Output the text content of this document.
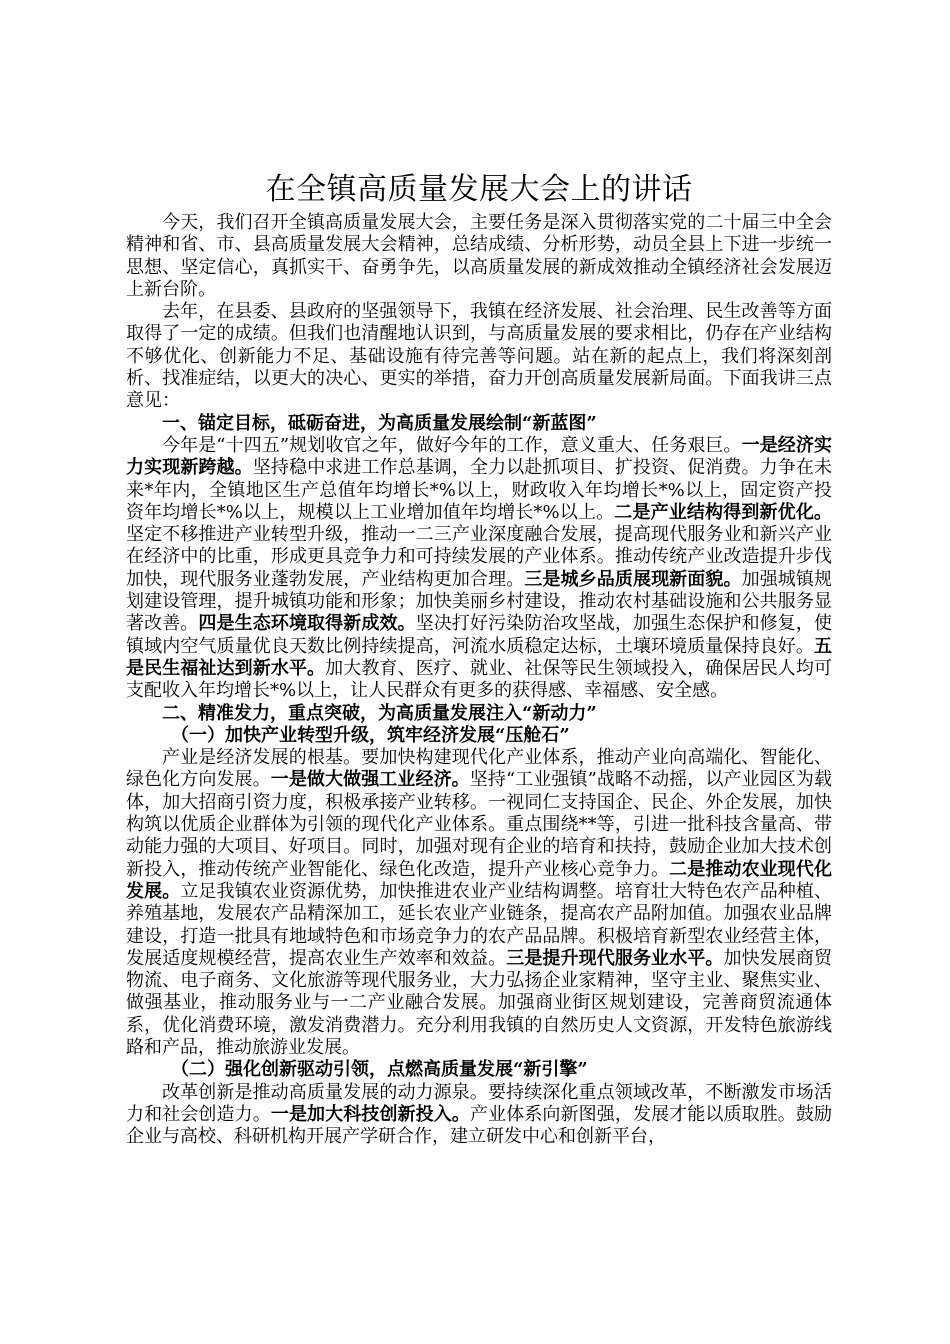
在全镇高质量发展大会上的讲话

今天，我们召开全镇高质量发展大会，主要任务是深入贯彻落实党的二十届三中全会精神和省、市、县高质量发展大会精神，总结成绩、分析形势，动员全县上下进一步统一思想、坚定信心，真抓实干、奋勇争先，以高质量发展的新成效推动全镇经济社会发展迈上新台阶。

去年，在县委、县政府的坚强领导下，我镇在经济发展、社会治理、民生改善等方面取得了一定的成绩。但我们也清醒地认识到，与高质量发展的要求相比，仍存在产业结构不够优化、创新能力不足、基础设施有待完善等问题。站在新的起点上，我们将深刻剖析、找准症结，以更大的决心、更实的举措，奋力开创高质量发展新局面。下面我讲三点意见：

一、锚定目标，砥砺奋进，为高质量发展绘制“新蓝图”

今年是“十四五”规划收官之年，做好今年的工作，意义重大、任务艰巨。一是经济实力实现新跨越。坚持稳中求进工作总基调，全力以赴抓项目、扩投资、促消费。力争在未来*年内，全镇地区生产总值年均增长*%以上，财政收入年均增长*%以上，固定资产投资年均增长*%以上，规模以上工业增加值年均增长*%以上。二是产业结构得到新优化。坚定不移推进产业转型升级，推动一二三产业深度融合发展，提高现代服务业和新兴产业在经济中的比重，形成更具竞争力和可持续发展的产业体系。推动传统产业改造提升步伐加快，现代服务业蓬勃发展，产业结构更加合理。三是城乡品质展现新面貌。加强城镇规划建设管理，提升城镇功能和形象；加快美丽乡村建设，推动农村基础设施和公共服务显著改善。四是生态环境取得新成效。坚决打好污染防治攻坚战，加强生态保护和修复，使镇域内空气质量优良天数比例持续提高，河流水质稳定达标，土壤环境质量保持良好。五是民生福祉达到新水平。加大教育、医疗、就业、社保等民生领域投入，确保居民人均可支配收入年均增长*%以上，让人民群众有更多的获得感、幸福感、安全感。

二、精准发力，重点突破，为高质量发展注入“新动力”

（一）加快产业转型升级，筑牢经济发展“压舱石”

产业是经济发展的根基。要加快构建现代化产业体系，推动产业向高端化、智能化、绿色化方向发展。一是做大做强工业经济。坚持“工业强镇”战略不动摇，以产业园区为载体，加大招商引资力度，积极承接产业转移。一视同仁支持国企、民企、外企发展，加快构筑以优质企业群体为引领的现代化产业体系。重点围绕**等，引进一批科技含量高、带动能力强的大项目、好项目。同时，加强对现有企业的培育和扶持，鼓励企业加大技术创新投入，推动传统产业智能化、绿色化改造，提升产业核心竞争力。二是推动农业现代化发展。立足我镇农业资源优势，加快推进农业产业结构调整。培育壮大特色农产品种植、养殖基地，发展农产品精深加工，延长农业产业链条，提高农产品附加值。加强农业品牌建设，打造一批具有地域特色和市场竞争力的农产品品牌。积极培育新型农业经营主体，发展适度规模经营，提高农业生产效率和效益。三是提升现代服务业水平。加快发展商贸物流、电子商务、文化旅游等现代服务业，大力弘扬企业家精神，坚守主业、聚焦实业、做强基业，推动服务业与一二产业融合发展。加强商业街区规划建设，完善商贸流通体系，优化消费环境，激发消费潜力。充分利用我镇的自然历史人文资源，开发特色旅游线路和产品，推动旅游业发展。

（二）强化创新驱动引领，点燃高质量发展“新引擎”

改革创新是推动高质量发展的动力源泉。要持续深化重点领域改革，不断激发市场活力和社会创造力。一是加大科技创新投入。产业体系向新图强，发展才能以质取胜。鼓励企业与高校、科研机构开展产学研合作，建立研发中心和创新平台，
